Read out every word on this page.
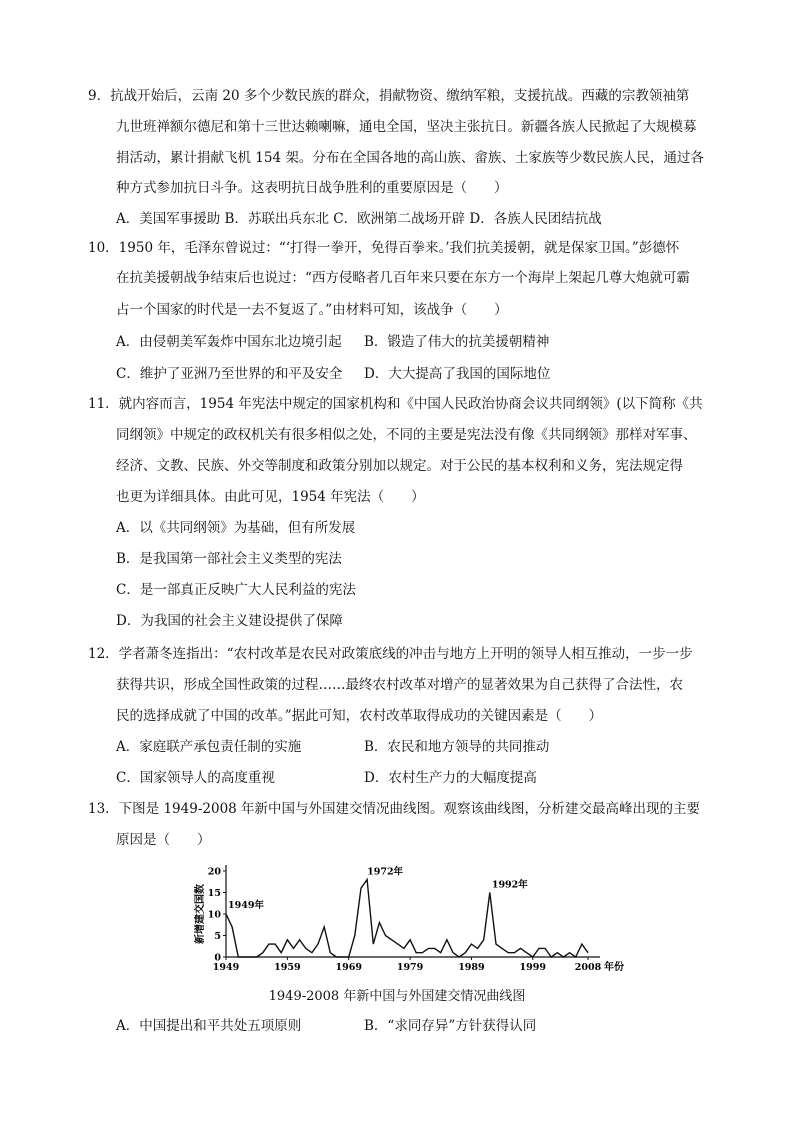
9．抗战开始后，云南 20 多个少数民族的群众，捐献物资、缴纳军粮，支援抗战。西藏的宗教领袖第
九世班禅额尔德尼和第十三世达赖喇嘛，通电全国，坚决主张抗日。新疆各族人民掀起了大规模募
捐活动，累计捐献飞机 154 架。分布在全国各地的高山族、畲族、土家族等少数民族人民，通过各
种方式参加抗日斗争。这表明抗日战争胜利的重要原因是（　　）
A．美国军事援助 B．苏联出兵东北 C．欧洲第二战场开辟 D．各族人民团结抗战
10．1950 年，毛泽东曾说过：“‘打得一拳开，免得百拳来。’我们抗美援朝，就是保家卫国。”彭德怀
在抗美援朝战争结束后也说过：“西方侵略者几百年来只要在东方一个海岸上架起几尊大炮就可霸
占一个国家的时代是一去不复返了。”由材料可知，该战争（　　）
A．由侵朝美军轰炸中国东北边境引起 B．锻造了伟大的抗美援朝精神
C．维护了亚洲乃至世界的和平及安全 D．大大提高了我国的国际地位
11．就内容而言，1954 年宪法中规定的国家机构和《中国人民政治协商会议共同纲领》(以下简称《共
同纲领》中规定的政权机关有很多相似之处，不同的主要是宪法没有像《共同纲领》那样对军事、
经济、文教、民族、外交等制度和政策分别加以规定。对于公民的基本权利和义务，宪法规定得
也更为详细具体。由此可见，1954 年宪法（　　）
A．以《共同纲领》为基础，但有所发展
B．是我国第一部社会主义类型的宪法
C．是一部真正反映广大人民利益的宪法
D．为我国的社会主义建设提供了保障
12．学者萧冬连指出：“农村改革是农民对政策底线的冲击与地方上开明的领导人相互推动，一步一步
获得共识，形成全国性政策的过程……最终农村改革对增产的显著效果为自己获得了合法性，农
民的选择成就了中国的改革。”据此可知，农村改革取得成功的关键因素是（　　）
A．家庭联产承包责任制的实施	B．农民和地方领导的共同推动
C．国家领导人的高度重视	D．农村生产力的大幅度提高
13．下图是 1949-2008 年新中国与外国建交情况曲线图。观察该曲线图，分析建交最高峰出现的主要
原因是（　　）
0
5
10
15
20
1949	1959	1969	1979	1989	1999	2008 年份
新增建交国数 1949年
1972年
1992年
1949-2008 年新中国与外国建交情况曲线图
A．中国提出和平共处五项原则	B．“求同存异”方针获得认同
